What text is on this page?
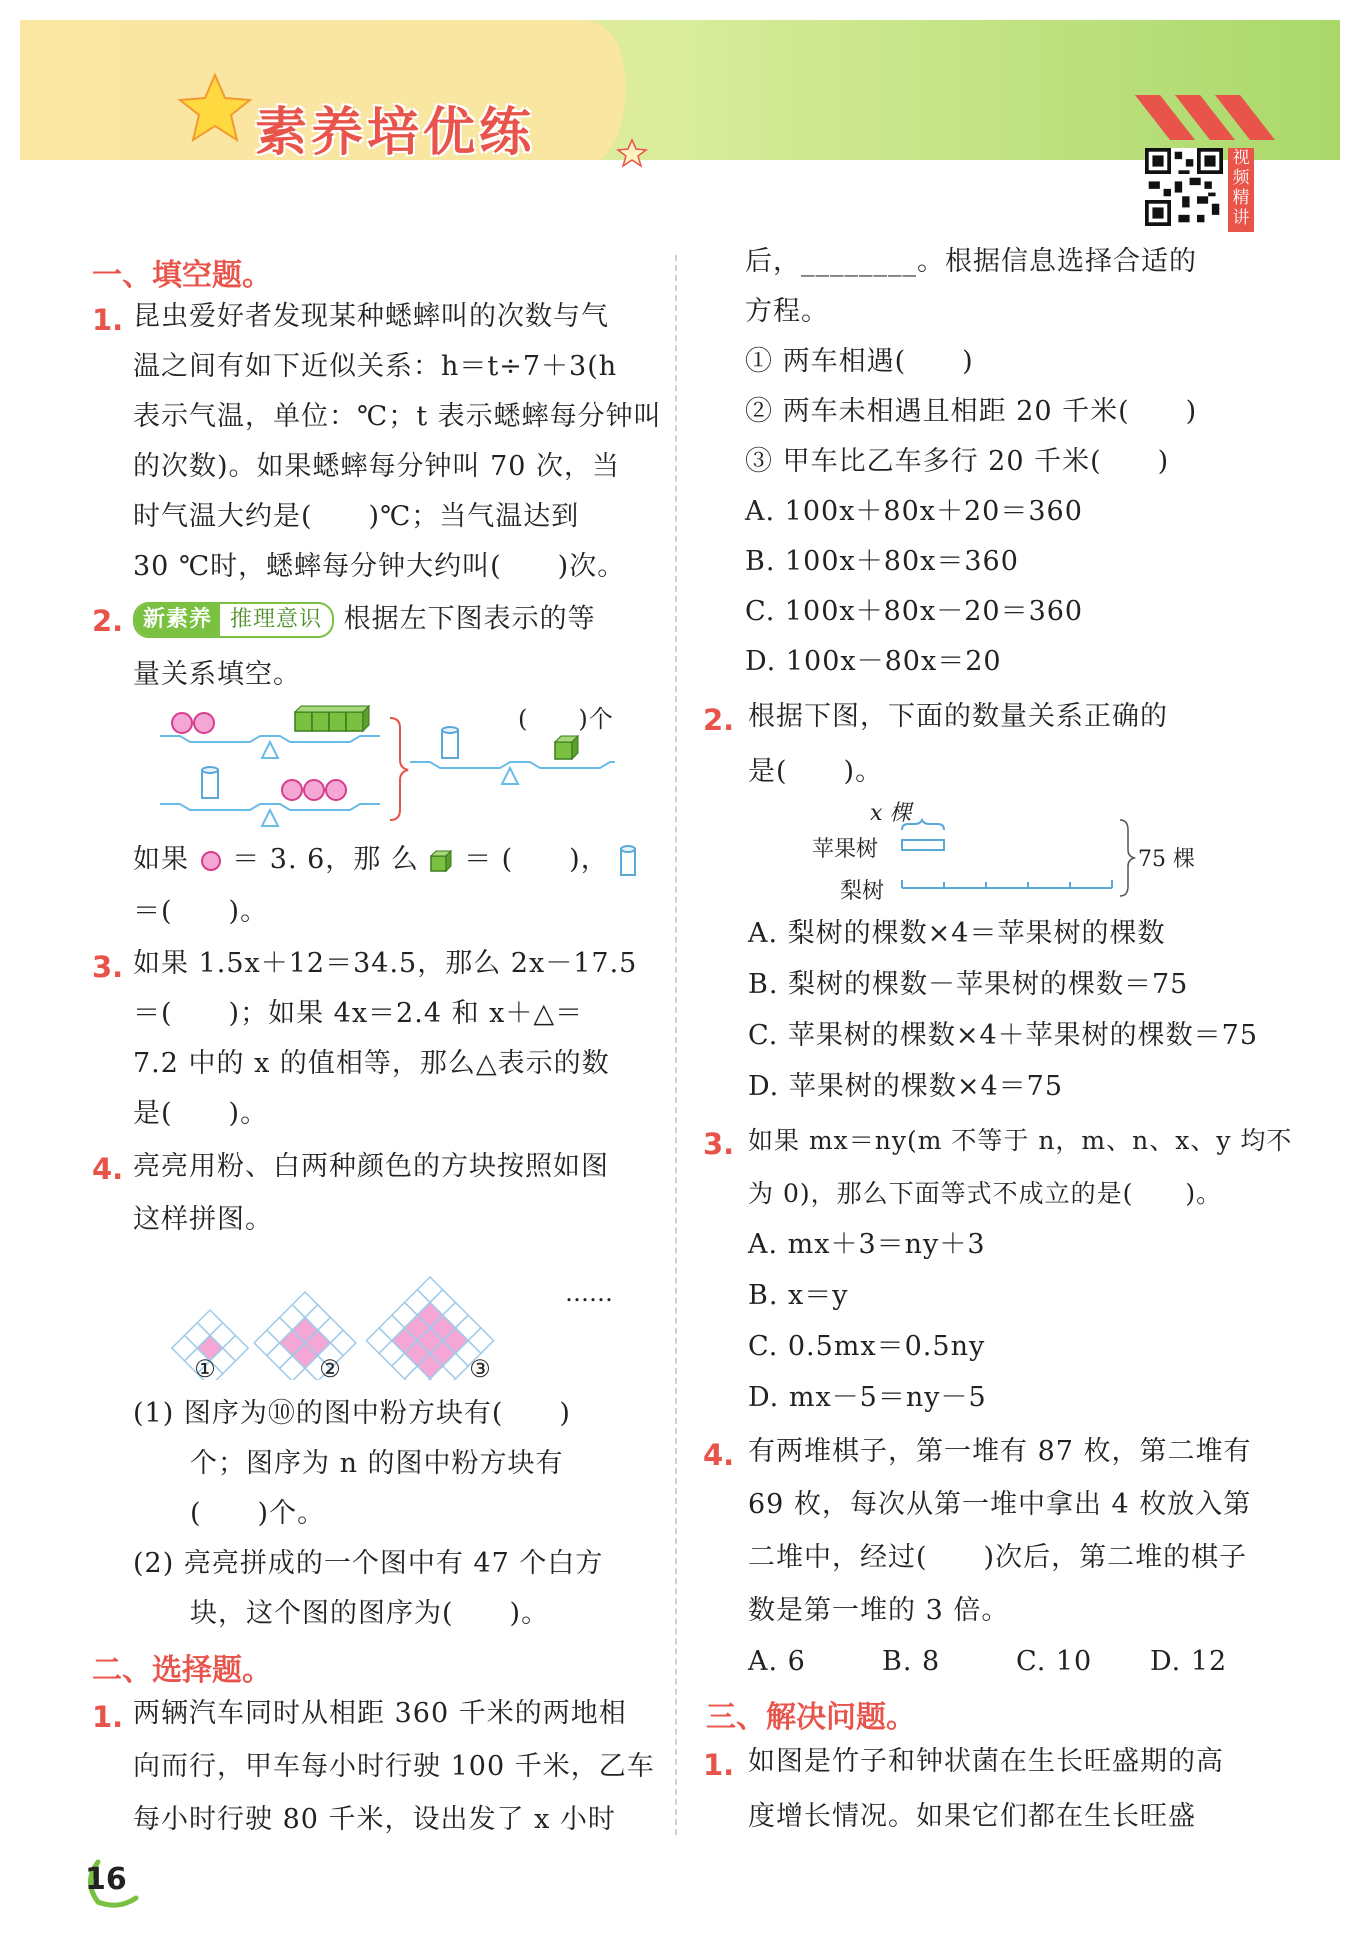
素养培优练	视频精讲
一、填空题。
1. 昆虫爱好者发现某种蟋蟀叫的次数与气
温之间有如下近似关系：h＝t÷7＋3(h
表示气温，单位：℃；t 表示蟋蟀每分钟叫
的次数)。如果蟋蟀每分钟叫 70 次，当
时气温大约是(　　)℃；当气温达到
30 ℃时，蟋蟀每分钟大约叫(　　)次。
2. 新素养 推理意识 根据左下图表示的等
量关系填空。
(　　)个
如果 ＝ 3. 6，那 么 ＝ (　　)，
＝(　　)。
3. 如果 1.5x＋12＝34.5，那么 2x－17.5
＝(　　)；如果 4x＝2.4 和 x＋△＝
7.2 中的 x 的值相等，那么△表示的数
是(　　)。
4. 亮亮用粉、白两种颜色的方块按照如图
这样拼图。
①	②	③
……
(1) 图序为⑩的图中粉方块有(　　)
个；图序为 n 的图中粉方块有
(　　)个。
(2) 亮亮拼成的一个图中有 47 个白方
块，这个图的图序为(　　)。
二、选择题。
1. 两辆汽车同时从相距 360 千米的两地相
向而行，甲车每小时行驶 100 千米，乙车
每小时行驶 80 千米，设出发了 x 小时
后，________。根据信息选择合适的
方程。
① 两车相遇(　　)
② 两车未相遇且相距 20 千米(　　)
③ 甲车比乙车多行 20 千米(　　)
A. 100x＋80x＋20＝360
B. 100x＋80x＝360
C. 100x＋80x－20＝360
D. 100x－80x＝20
2. 根据下图，下面的数量关系正确的
是(　　)。
x 棵
苹果树
梨树
75 棵
A. 梨树的棵数×4＝苹果树的棵数
B. 梨树的棵数－苹果树的棵数＝75
C. 苹果树的棵数×4＋苹果树的棵数＝75
D. 苹果树的棵数×4＝75
3. 如果 mx＝ny(m 不等于 n，m、n、x、y 均不
为 0)，那么下面等式不成立的是(　　)。
A. mx＋3＝ny＋3
B. x＝y
C. 0.5mx＝0.5ny
D. mx－5＝ny－5
4. 有两堆棋子，第一堆有 87 枚，第二堆有
69 枚，每次从第一堆中拿出 4 枚放入第
二堆中，经过(　　)次后，第二堆的棋子
数是第一堆的 3 倍。
A. 6	B. 8	C. 10 D. 12
三、解决问题。
1. 如图是竹子和钟状菌在生长旺盛期的高
度增长情况。如果它们都在生长旺盛
16
